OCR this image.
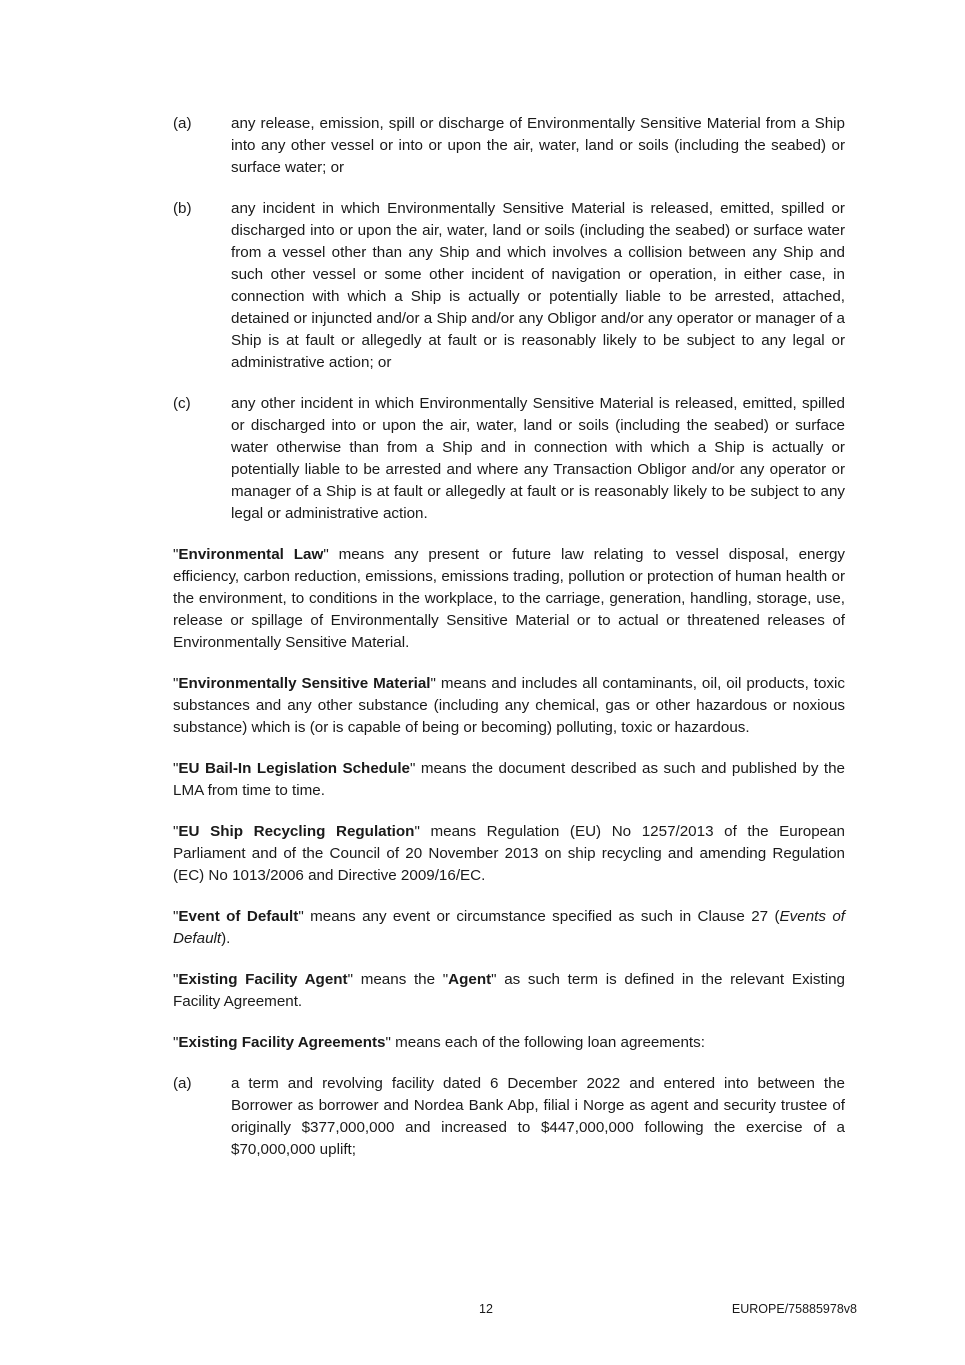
(a)	any release, emission, spill or discharge of Environmentally Sensitive Material from a Ship into any other vessel or into or upon the air, water, land or soils (including the seabed) or surface water; or
(b)	any incident in which Environmentally Sensitive Material is released, emitted, spilled or discharged into or upon the air, water, land or soils (including the seabed) or surface water from a vessel other than any Ship and which involves a collision between any Ship and such other vessel or some other incident of navigation or operation, in either case, in connection with which a Ship is actually or potentially liable to be arrested, attached, detained or injuncted and/or a Ship and/or any Obligor and/or any operator or manager of a Ship is at fault or allegedly at fault or is reasonably likely to be subject to any legal or administrative action; or
(c)	any other incident in which Environmentally Sensitive Material is released, emitted, spilled or discharged into or upon the air, water, land or soils (including the seabed) or surface water otherwise than from a Ship and in connection with which a Ship is actually or potentially liable to be arrested and where any Transaction Obligor and/or any operator or manager of a Ship is at fault or allegedly at fault or is reasonably likely to be subject to any legal or administrative action.

"Environmental Law" means any present or future law relating to vessel disposal, energy efficiency, carbon reduction, emissions, emissions trading, pollution or protection of human health or the environment, to conditions in the workplace, to the carriage, generation, handling, storage, use, release or spillage of Environmentally Sensitive Material or to actual or threatened releases of Environmentally Sensitive Material.

"Environmentally Sensitive Material" means and includes all contaminants, oil, oil products, toxic substances and any other substance (including any chemical, gas or other hazardous or noxious substance) which is (or is capable of being or becoming) polluting, toxic or hazardous.

"EU Bail-In Legislation Schedule" means the document described as such and published by the LMA from time to time.

"EU Ship Recycling Regulation" means Regulation (EU) No 1257/2013 of the European Parliament and of the Council of 20 November 2013 on ship recycling and amending Regulation (EC) No 1013/2006 and Directive 2009/16/EC.

"Event of Default" means any event or circumstance specified as such in Clause 27 (Events of Default).

"Existing Facility Agent" means the "Agent" as such term is defined in the relevant Existing Facility Agreement.

"Existing Facility Agreements" means each of the following loan agreements:

(a)	a term and revolving facility dated 6 December 2022 and entered into between the Borrower as borrower and Nordea Bank Abp, filial i Norge as agent and security trustee of originally $377,000,000 and increased to $447,000,000 following the exercise of a $70,000,000 uplift;
12	EUROPE/75885978v8
